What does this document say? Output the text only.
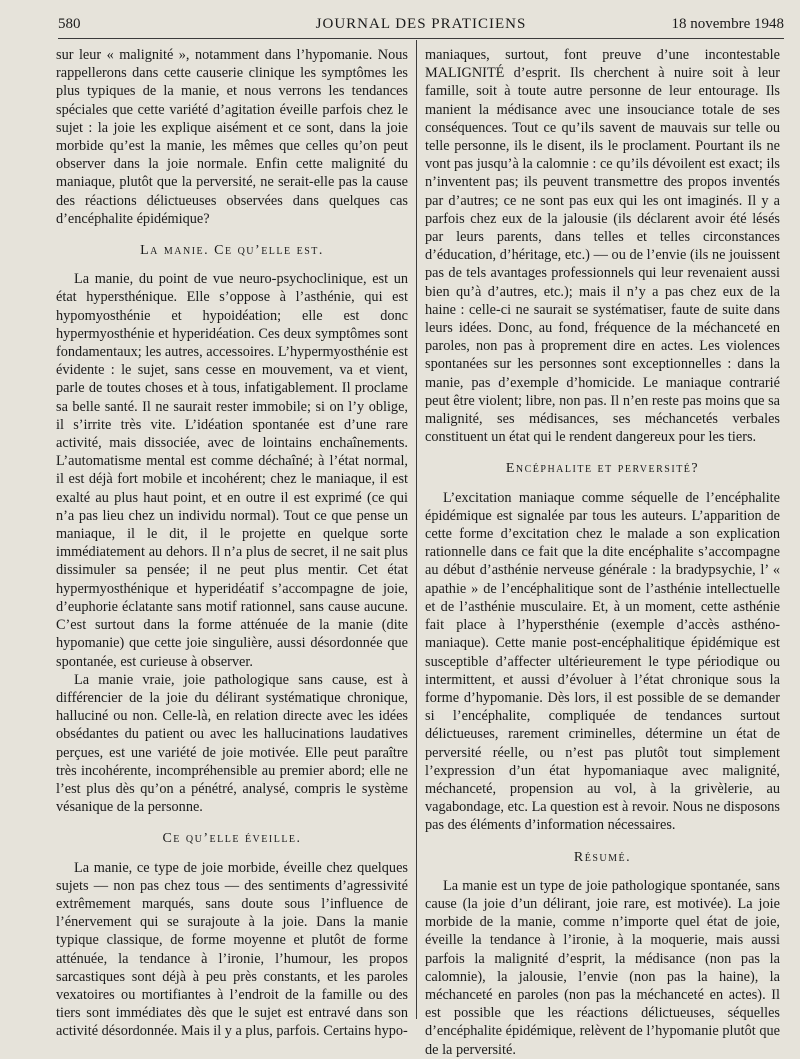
580	JOURNAL DES PRATICIENS	18 novembre 1948

sur leur « malignité », notamment dans l’hypomanie. Nous rappellerons dans cette causerie clinique les symptômes les plus typiques de la manie, et nous verrons les tendances spéciales que cette variété d’agitation éveille parfois chez le sujet : la joie les explique aisément et ce sont, dans la joie morbide qu’est la manie, les mêmes que celles qu’on peut observer dans la joie normale. Enfin cette malignité du maniaque, plutôt que la perversité, ne serait-elle pas la cause des réactions délictueuses observées dans quelques cas d’encéphalite épidémique?

La manie. Ce qu’elle est.

La manie, du point de vue neuro-psychoclinique, est un état hypersthénique. Elle s’oppose à l’asthénie, qui est hypomyosthénie et hypoidéation; elle est donc hypermyosthénie et hyperidéation. Ces deux symptômes sont fondamentaux; les autres, accessoires. L’hypermyosthénie est évidente : le sujet, sans cesse en mouvement, va et vient, parle de toutes choses et à tous, infatigablement. Il proclame sa belle santé. Il ne saurait rester immobile; si on l’y oblige, il s’irrite très vite. L’idéation spontanée est d’une rare activité, mais dissociée, avec de lointains enchaînements. L’automatisme mental est comme déchaîné; à l’état normal, il est déjà fort mobile et incohérent; chez le maniaque, il est exalté au plus haut point, et en outre il est exprimé (ce qui n’a pas lieu chez un individu normal). Tout ce que pense un maniaque, il le dit, il le projette en quelque sorte immédiatement au dehors. Il n’a plus de secret, il ne sait plus dissimuler sa pensée; il ne peut plus mentir. Cet état hypermyosthénique et hyperidéatif s’accompagne de joie, d’euphorie éclatante sans motif rationnel, sans cause aucune. C’est surtout dans la forme atténuée de la manie (dite hypomanie) que cette joie singulière, aussi désordonnée que spontanée, est curieuse à observer.

La manie vraie, joie pathologique sans cause, est à différencier de la joie du délirant systématique chronique, halluciné ou non. Celle-là, en relation directe avec les idées obsédantes du patient ou avec les hallucinations laudatives perçues, est une variété de joie motivée. Elle peut paraître très incohérente, incompréhensible au premier abord; elle ne l’est plus dès qu’on a pénétré, analysé, compris le système vésanique de la personne.

Ce qu’elle éveille.

La manie, ce type de joie morbide, éveille chez quelques sujets — non pas chez tous — des sentiments d’agressivité extrêmement marqués, sans doute sous l’influence de l’énervement qui se surajoute à la joie. Dans la manie typique classique, de forme moyenne et plutôt de forme atténuée, la tendance à l’ironie, l’humour, les propos sarcastiques sont déjà à peu près constants, et les paroles vexatoires ou mortifiantes à l’endroit de la famille ou des tiers sont immédiates dès que le sujet est entravé dans son activité désordonnée. Mais il y a plus, parfois. Certains hypo-

maniaques, surtout, font preuve d’une incontestable MALIGNITÉ d’esprit. Ils cherchent à nuire soit à leur famille, soit à toute autre personne de leur entourage. Ils manient la médisance avec une insouciance totale de ses conséquences. Tout ce qu’ils savent de mauvais sur telle ou telle personne, ils le disent, ils le proclament. Pourtant ils ne vont pas jusqu’à la calomnie : ce qu’ils dévoilent est exact; ils n’inventent pas; ils peuvent transmettre des propos inventés par d’autres; ce ne sont pas eux qui les ont imaginés. Il y a parfois chez eux de la jalousie (ils déclarent avoir été lésés par leurs parents, dans telles et telles circonstances d’éducation, d’héritage, etc.) — ou de l’envie (ils ne jouissent pas de tels avantages professionnels qui leur revenaient aussi bien qu’à d’autres, etc.); mais il n’y a pas chez eux de la haine : celle-ci ne saurait se systématiser, faute de suite dans leurs idées. Donc, au fond, fréquence de la méchanceté en paroles, non pas à proprement dire en actes. Les violences spontanées sur les personnes sont exceptionnelles : dans la manie, pas d’exemple d’homicide. Le maniaque contrarié peut être violent; libre, non pas. Il n’en reste pas moins que sa malignité, ses médisances, ses méchancetés verbales constituent un état qui le rendent dangereux pour les tiers.

Encéphalite et perversité?

L’excitation maniaque comme séquelle de l’encéphalite épidémique est signalée par tous les auteurs. L’apparition de cette forme d’excitation chez le malade a son explication rationnelle dans ce fait que la dite encéphalite s’accompagne au début d’asthénie nerveuse générale : la bradypsychie, l’ « apathie » de l’encéphalitique sont de l’asthénie intellectuelle et de l’asthénie musculaire. Et, à un moment, cette asthénie fait place à l’hypersthénie (exemple d’accès asthéno-maniaque). Cette manie post-encéphalitique épidémique est susceptible d’affecter ultérieurement le type périodique ou intermittent, et aussi d’évoluer à l’état chronique sous la forme d’hypomanie. Dès lors, il est possible de se demander si l’encéphalite, compliquée de tendances surtout délictueuses, rarement criminelles, détermine un état de perversité réelle, ou n’est pas plutôt tout simplement l’expression d’un état hypomaniaque avec malignité, méchanceté, propension au vol, à la grivèlerie, au vagabondage, etc. La question est à revoir. Nous ne disposons pas des éléments d’information nécessaires.

Résumé.

La manie est un type de joie pathologique spontanée, sans cause (la joie d’un délirant, joie rare, est motivée). La joie morbide de la manie, comme n’importe quel état de joie, éveille la tendance à l’ironie, à la moquerie, mais aussi parfois la malignité d’esprit, la médisance (non pas la calomnie), la jalousie, l’envie (non pas la haine), la méchanceté en paroles (non pas la méchanceté en actes). Il est possible que les réactions délictueuses, séquelles d’encéphalite épidémique, relèvent de l’hypomanie plutôt que de la perversité.
